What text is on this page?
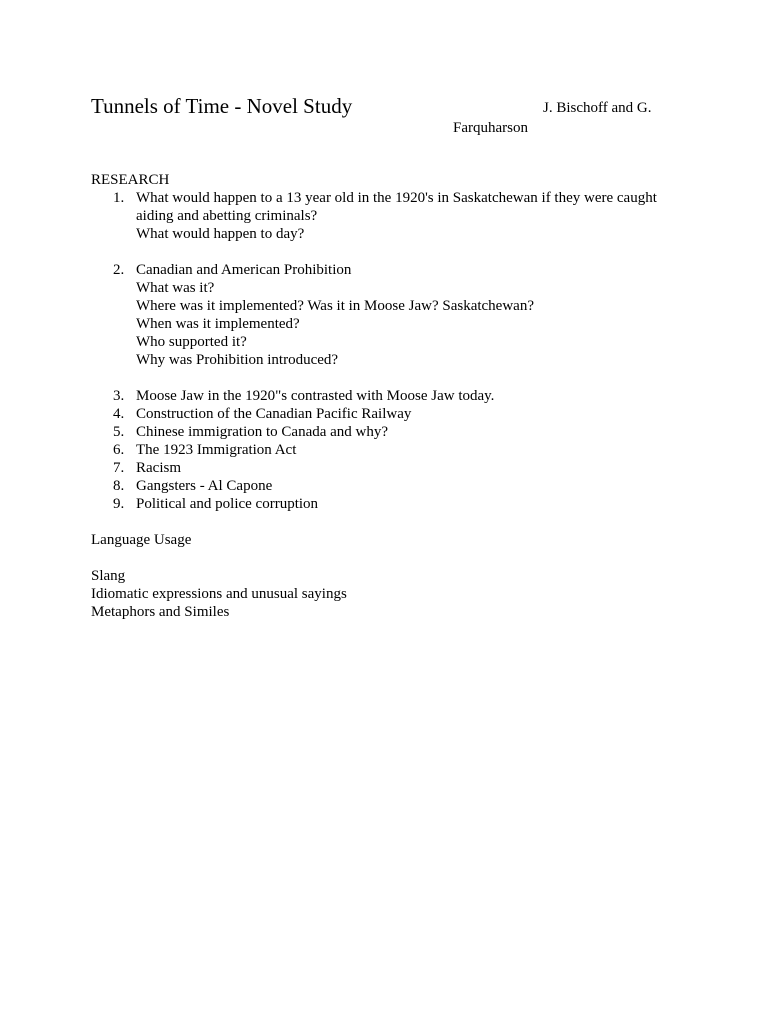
Tunnels of Time - Novel Study	J. Bischoff and G.
Farquharson
RESEARCH
1. What would happen to a 13 year old in the 1920's in Saskatchewan if they were caught
aiding and abetting criminals?
What would happen to day?
2. Canadian and American Prohibition
What was it?
Where was it implemented? Was it in Moose Jaw? Saskatchewan?
When was it implemented?
Who supported it?
Why was Prohibition introduced?
3. Moose Jaw in the 1920"s contrasted with Moose Jaw today.
4. Construction of the Canadian Pacific Railway
5. Chinese immigration to Canada and why?
6. The 1923 Immigration Act
7. Racism
8. Gangsters - Al Capone
9. Political and police corruption
Language Usage
Slang
Idiomatic expressions and unusual sayings
Metaphors and Similes
